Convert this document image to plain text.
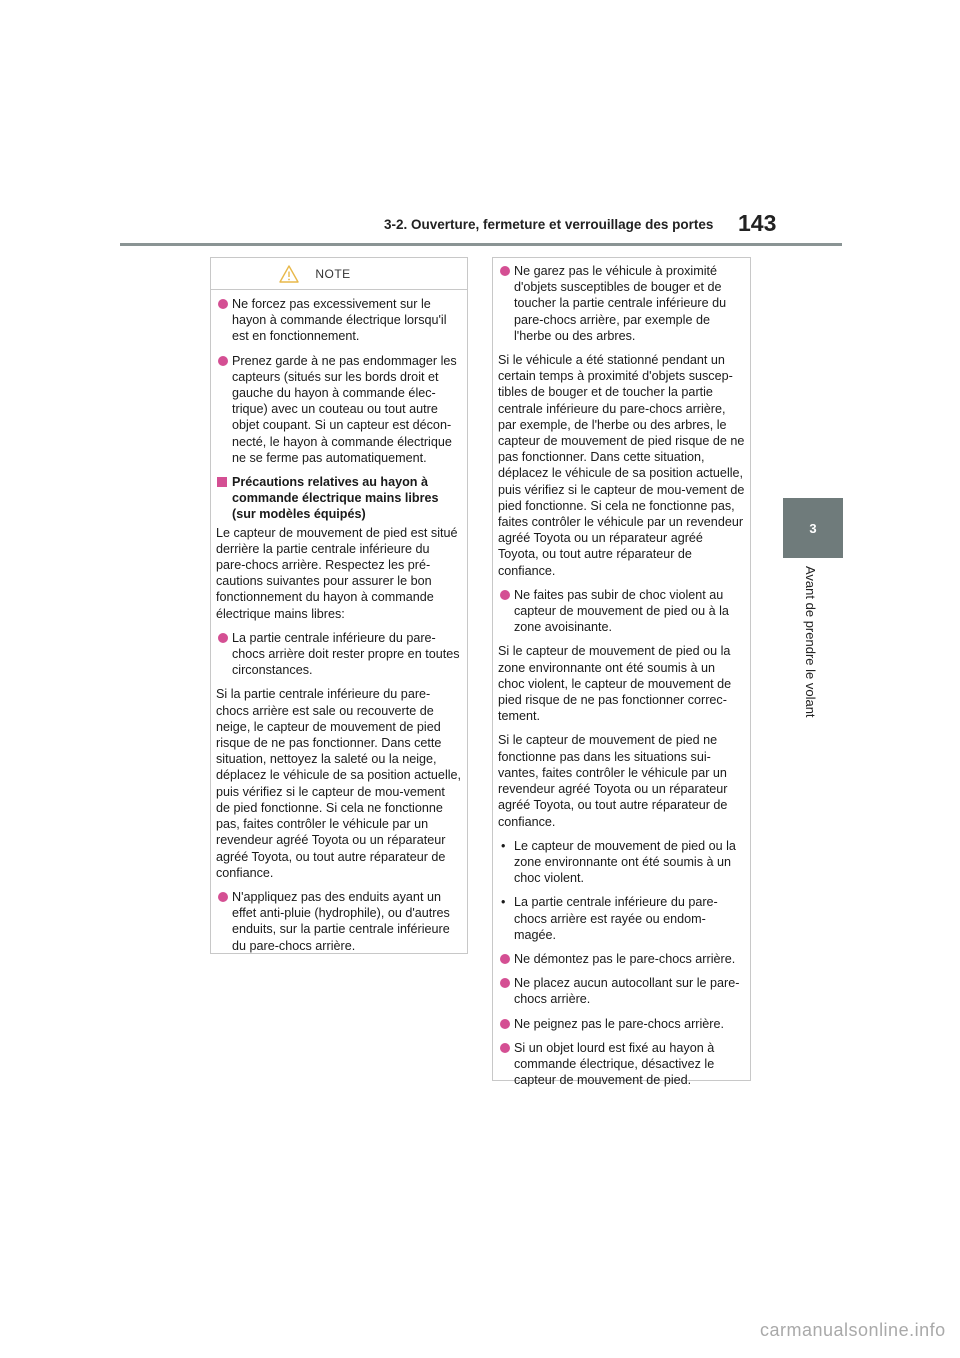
3-2. Ouverture, fermeture et verrouillage des portes 143
3
Avant de prendre le volant
NOTE
Ne forcez pas excessivement sur le hayon à commande électrique lorsqu'il est en fonctionnement.
Prenez garde à ne pas endommager les capteurs (situés sur les bords droit et gauche du hayon à commande élec-trique) avec un couteau ou tout autre objet coupant. Si un capteur est décon-necté, le hayon à commande électrique ne se ferme pas automatiquement.
Précautions relatives au hayon à commande électrique mains libres (sur modèles équipés)
Le capteur de mouvement de pied est situé derrière la partie centrale inférieure du pare-chocs arrière. Respectez les pré-cautions suivantes pour assurer le bon fonctionnement du hayon à commande électrique mains libres:
La partie centrale inférieure du pare-chocs arrière doit rester propre en toutes circonstances.
Si la partie centrale inférieure du pare-chocs arrière est sale ou recouverte de neige, le capteur de mouvement de pied risque de ne pas fonctionner. Dans cette situation, nettoyez la saleté ou la neige, déplacez le véhicule de sa position actuelle, puis vérifiez si le capteur de mou-vement de pied fonctionne. Si cela ne fonctionne pas, faites contrôler le véhicule par un revendeur agréé Toyota ou un réparateur agréé Toyota, ou tout autre réparateur de confiance.
N'appliquez pas des enduits ayant un effet anti-pluie (hydrophile), ou d'autres enduits, sur la partie centrale inférieure du pare-chocs arrière.
Ne garez pas le véhicule à proximité d'objets susceptibles de bouger et de toucher la partie centrale inférieure du pare-chocs arrière, par exemple de l'herbe ou des arbres.
Si le véhicule a été stationné pendant un certain temps à proximité d'objets suscep-tibles de bouger et de toucher la partie centrale inférieure du pare-chocs arrière, par exemple, de l'herbe ou des arbres, le capteur de mouvement de pied risque de ne pas fonctionner. Dans cette situation, déplacez le véhicule de sa position actuelle, puis vérifiez si le capteur de mou-vement de pied fonctionne. Si cela ne fonctionne pas, faites contrôler le véhicule par un revendeur agréé Toyota ou un réparateur agréé Toyota, ou tout autre réparateur de confiance.
Ne faites pas subir de choc violent au capteur de mouvement de pied ou à la zone avoisinante.
Si le capteur de mouvement de pied ou la zone environnante ont été soumis à un choc violent, le capteur de mouvement de pied risque de ne pas fonctionner correc-tement.
Si le capteur de mouvement de pied ne fonctionne pas dans les situations sui-vantes, faites contrôler le véhicule par un revendeur agréé Toyota ou un réparateur agréé Toyota, ou tout autre réparateur de confiance.
• Le capteur de mouvement de pied ou la zone environnante ont été soumis à un choc violent.
• La partie centrale inférieure du pare-chocs arrière est rayée ou endom-magée.
Ne démontez pas le pare-chocs arrière.
Ne placez aucun autocollant sur le pare-chocs arrière.
Ne peignez pas le pare-chocs arrière.
Si un objet lourd est fixé au hayon à commande électrique, désactivez le capteur de mouvement de pied.
carmanualsonline.info
